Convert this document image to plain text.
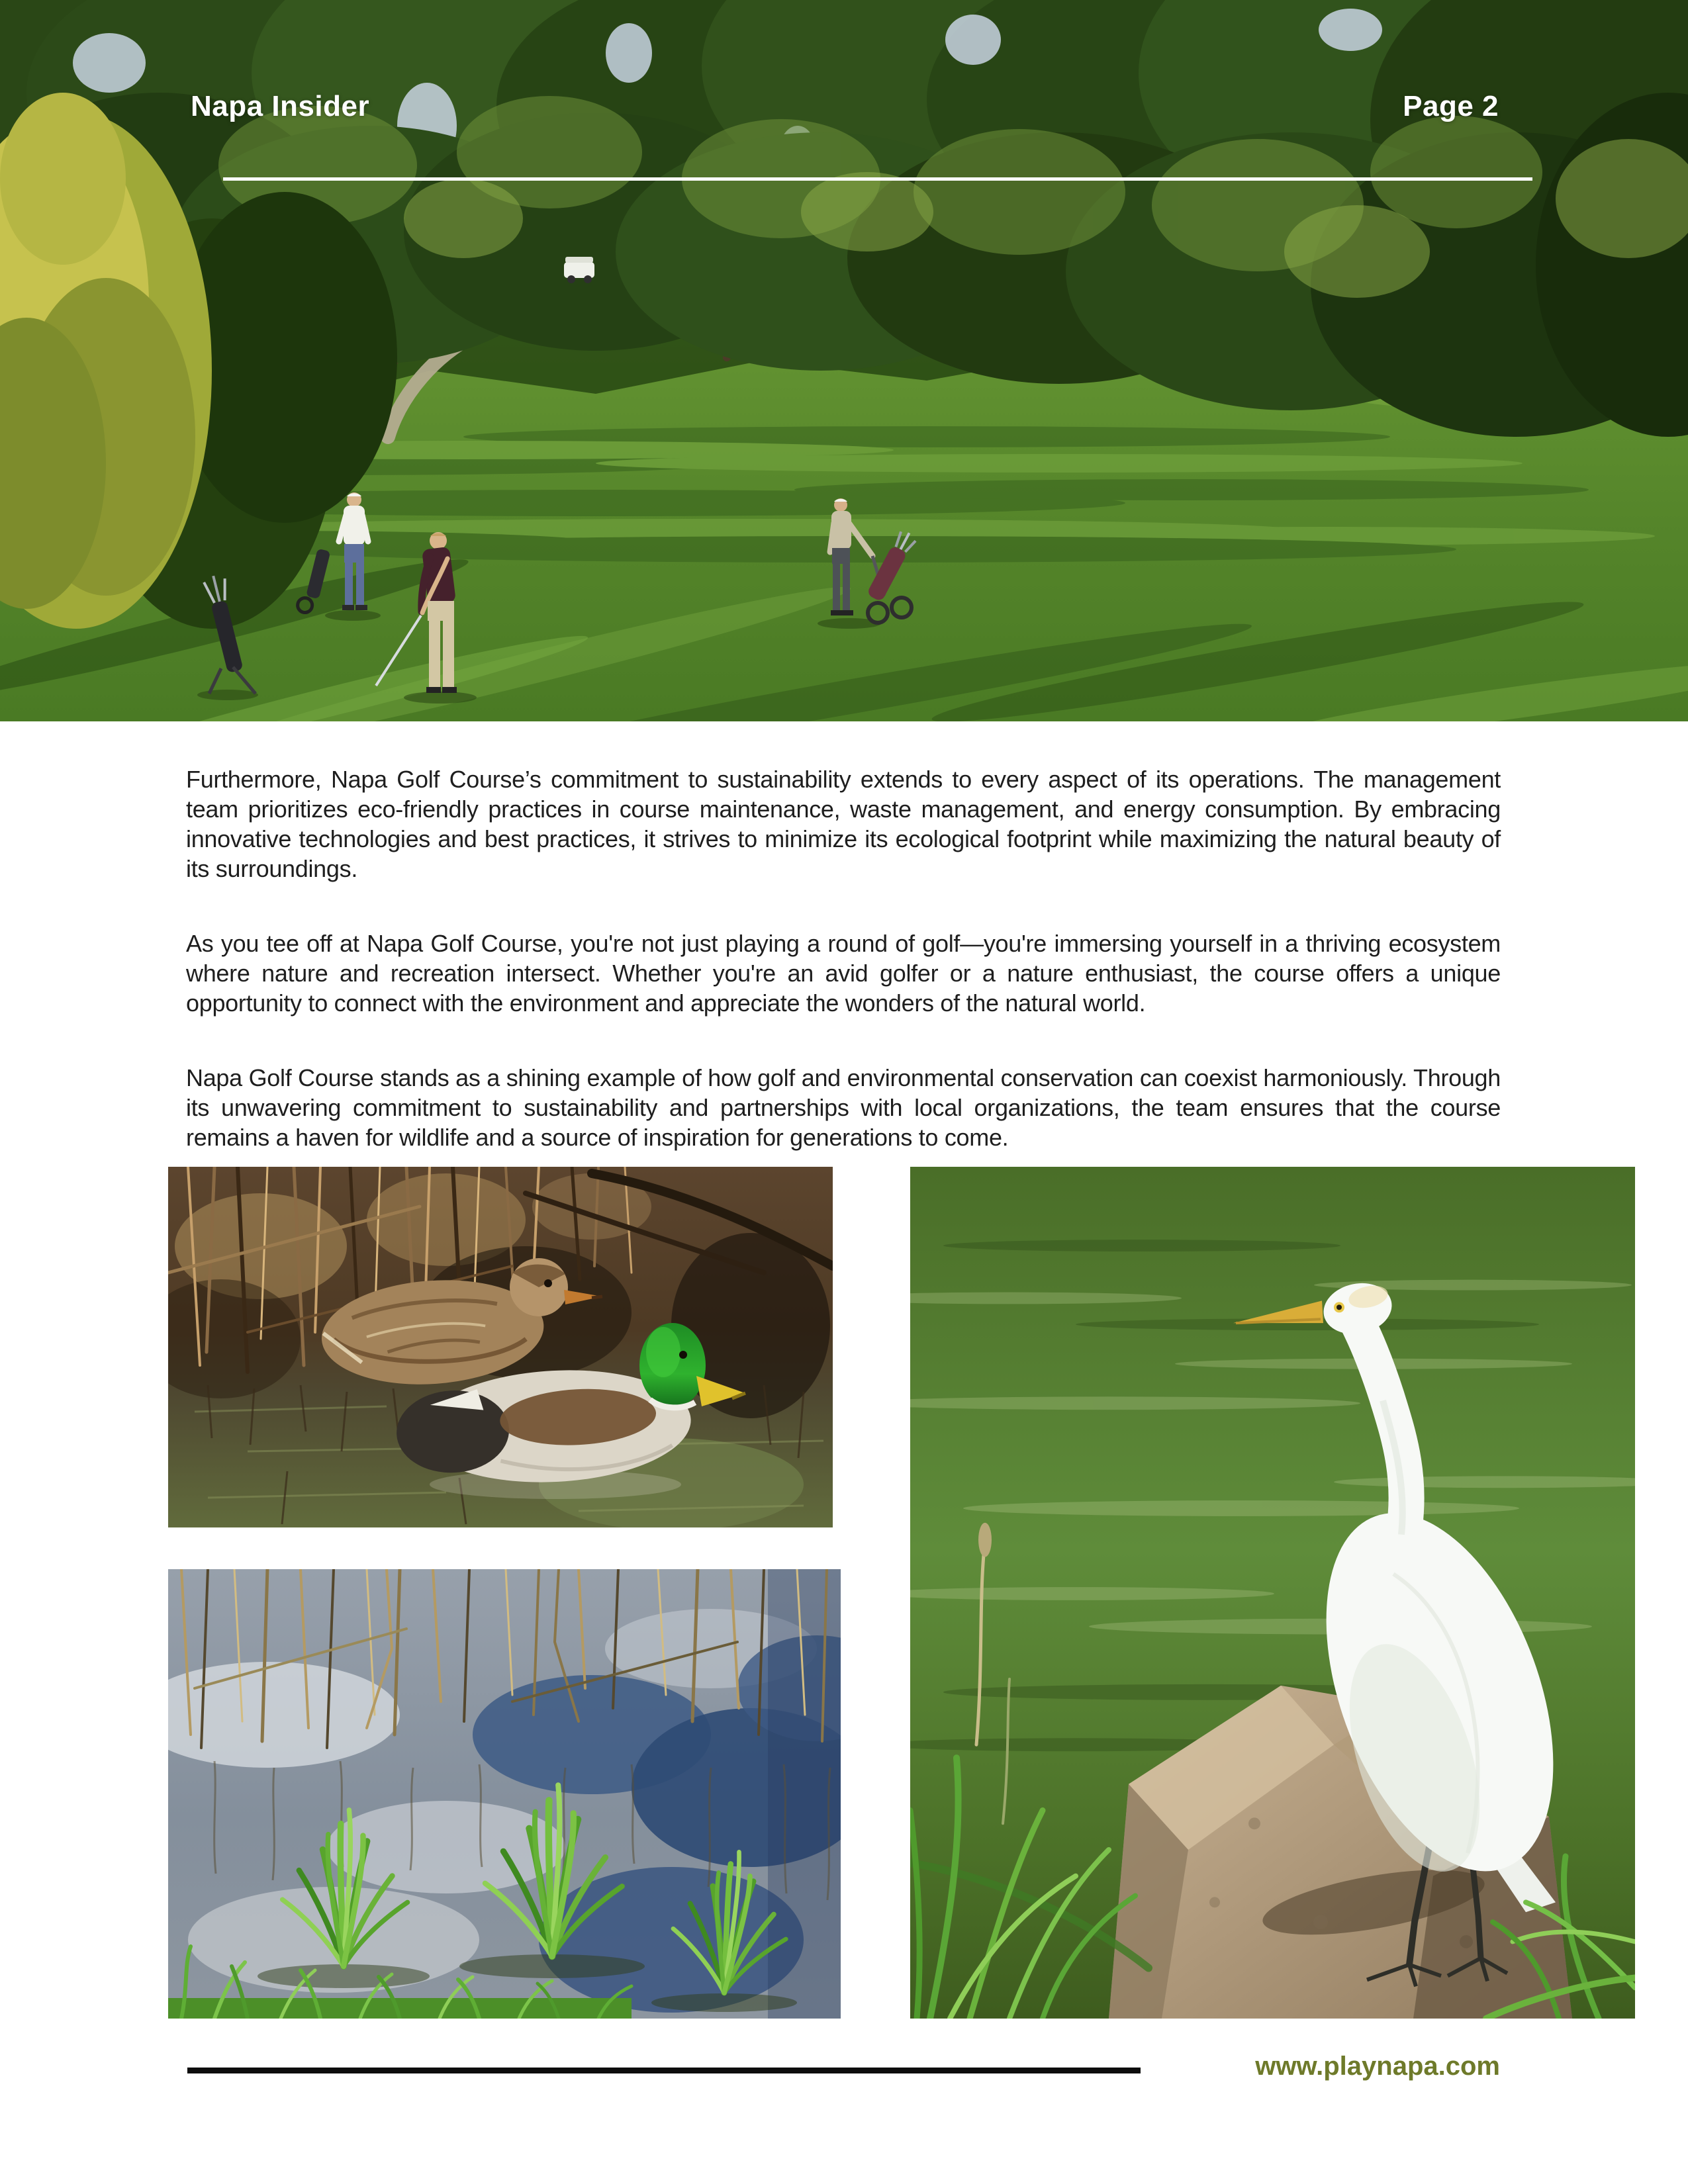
Napa Insider	Page 2

Furthermore, Napa Golf Course’s commitment to sustainability extends to every aspect of its operations. The management team prioritizes eco-friendly practices in course maintenance, waste management, and energy consumption. By embracing innovative technologies and best practices, it strives to minimize its ecological footprint while maximizing the natural beauty of its surroundings.

As you tee off at Napa Golf Course, you're not just playing a round of golf—you're immersing yourself in a thriving ecosystem where nature and recreation intersect. Whether you're an avid golfer or a nature enthusiast, the course offers a unique opportunity to connect with the environment and appreciate the wonders of the natural world.

Napa Golf Course stands as a shining example of how golf and environmental conservation can coexist harmoniously. Through its unwavering commitment to sustainability and partnerships with local organizations, the team ensures that the course remains a haven for wildlife and a source of inspiration for generations to come.

www.playnapa.com
